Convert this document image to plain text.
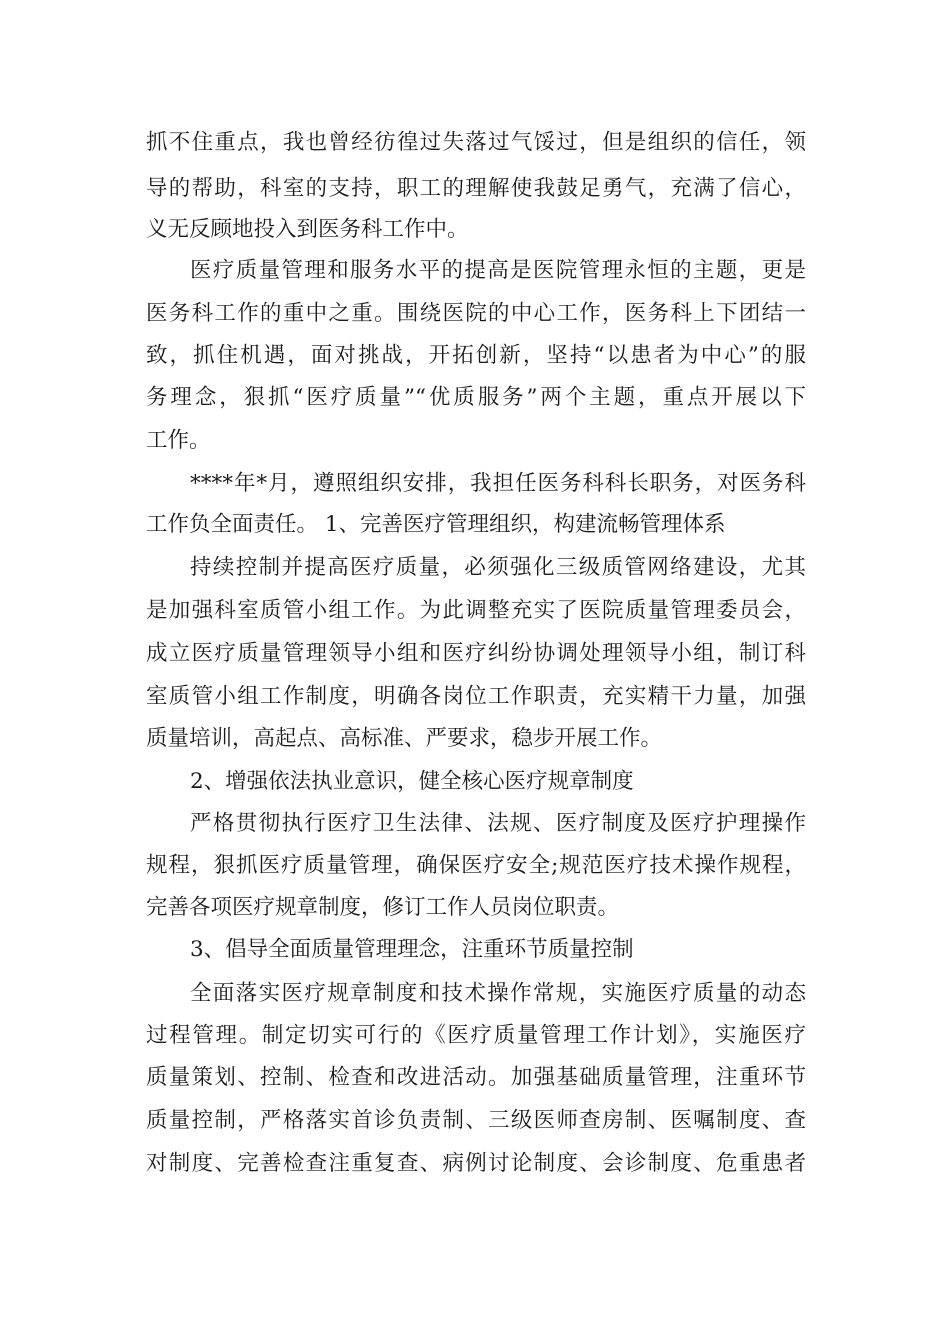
抓不住重点，我也曾经彷徨过失落过气馁过，但是组织的信任，领
导的帮助，科室的支持，职工的理解使我鼓足勇气，充满了信心，
义无反顾地投入到医务科工作中。
医疗质量管理和服务水平的提高是医院管理永恒的主题，更是
医务科工作的重中之重。围绕医院的中心工作，医务科上下团结一
致，抓住机遇，面对挑战，开拓创新，坚持“以患者为中心”的服
务理念，狠抓“医疗质量”“优质服务”两个主题，重点开展以下
工作。
****年*月，遵照组织安排，我担任医务科科长职务，对医务科
工作负全面责任。 1、完善医疗管理组织，构建流畅管理体系
持续控制并提高医疗质量，必须强化三级质管网络建设，尤其
是加强科室质管小组工作。为此调整充实了医院质量管理委员会，
成立医疗质量管理领导小组和医疗纠纷协调处理领导小组，制订科
室质管小组工作制度，明确各岗位工作职责，充实精干力量，加强
质量培训，高起点、高标准、严要求，稳步开展工作。
2、增强依法执业意识，健全核心医疗规章制度
严格贯彻执行医疗卫生法律、法规、医疗制度及医疗护理操作
规程，狠抓医疗质量管理，确保医疗安全;规范医疗技术操作规程，
完善各项医疗规章制度，修订工作人员岗位职责。
3、倡导全面质量管理理念，注重环节质量控制
全面落实医疗规章制度和技术操作常规，实施医疗质量的动态
过程管理。制定切实可行的《医疗质量管理工作计划》，实施医疗
质量策划、控制、检查和改进活动。加强基础质量管理，注重环节
质量控制，严格落实首诊负责制、三级医师查房制、医嘱制度、查
对制度、完善检查注重复查、病例讨论制度、会诊制度、危重患者
